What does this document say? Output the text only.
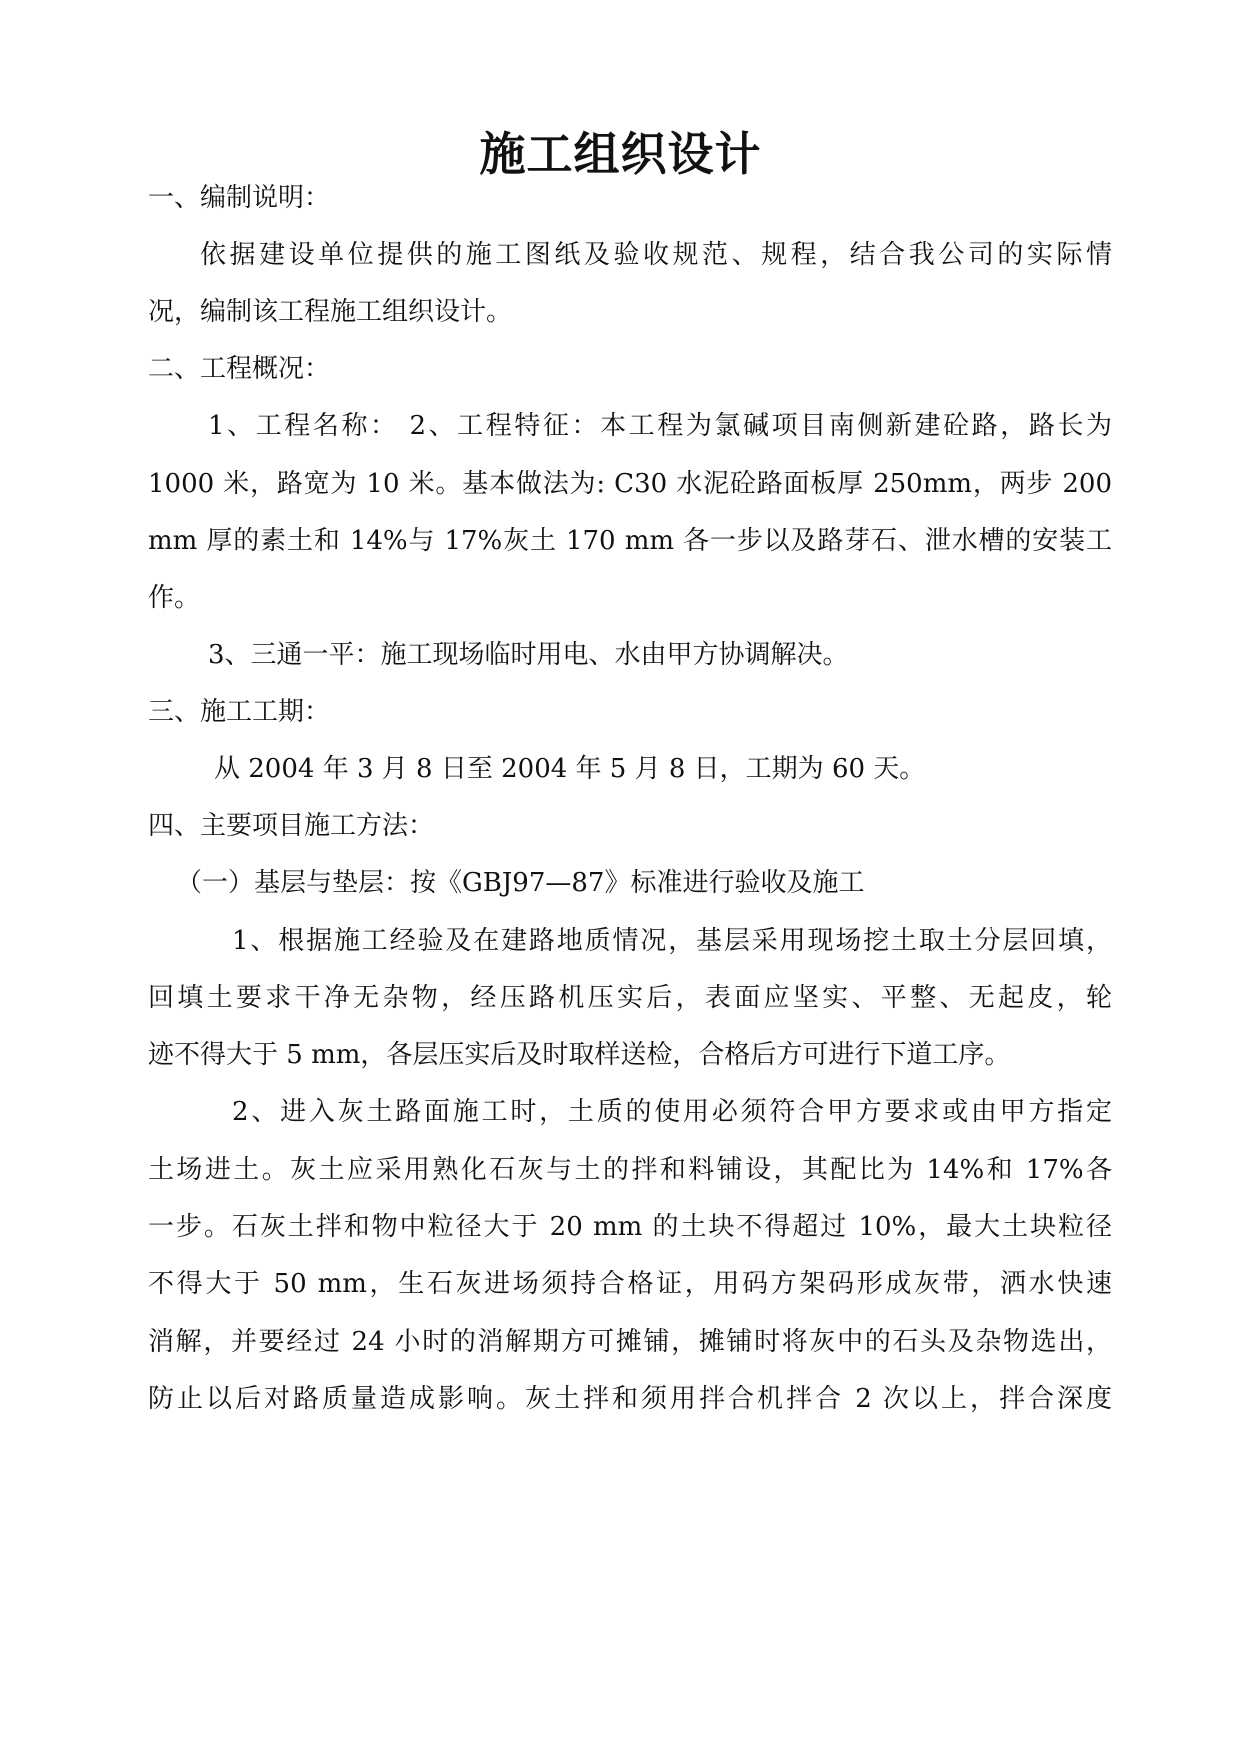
施工组织设计
一、编制说明：
依据建设单位提供的施工图纸及验收规范、规程，结合我公司的实际情
况，编制该工程施工组织设计。
二、工程概况：
1、工程名称： 2、工程特征：本工程为氯碱项目南侧新建砼路，路长为
1000 米，路宽为 10 米。基本做法为: C30 水泥砼路面板厚 250mm，两步 200
mm 厚的素土和 14%与 17%灰土 170 mm 各一步以及路芽石、泄水槽的安装工
作。
3、三通一平：施工现场临时用电、水由甲方协调解决。
三、施工工期：
从 2004 年 3 月 8 日至 2004 年 5 月 8 日，工期为 60 天。
四、主要项目施工方法：
（一）基层与垫层：按《GBJ97—87》标准进行验收及施工
1、根据施工经验及在建路地质情况，基层采用现场挖土取土分层回填，
回填土要求干净无杂物，经压路机压实后，表面应坚实、平整、无起皮，轮
迹不得大于 5 mm，各层压实后及时取样送检，合格后方可进行下道工序。
2、进入灰土路面施工时，土质的使用必须符合甲方要求或由甲方指定
土场进土。灰土应采用熟化石灰与土的拌和料铺设，其配比为 14%和 17%各
一步。石灰土拌和物中粒径大于 20 mm 的土块不得超过 10%，最大土块粒径
不得大于 50 mm，生石灰进场须持合格证，用码方架码形成灰带，洒水快速
消解，并要经过 24 小时的消解期方可摊铺，摊铺时将灰中的石头及杂物选出，
防止以后对路质量造成影响。灰土拌和须用拌合机拌合 2 次以上，拌合深度
